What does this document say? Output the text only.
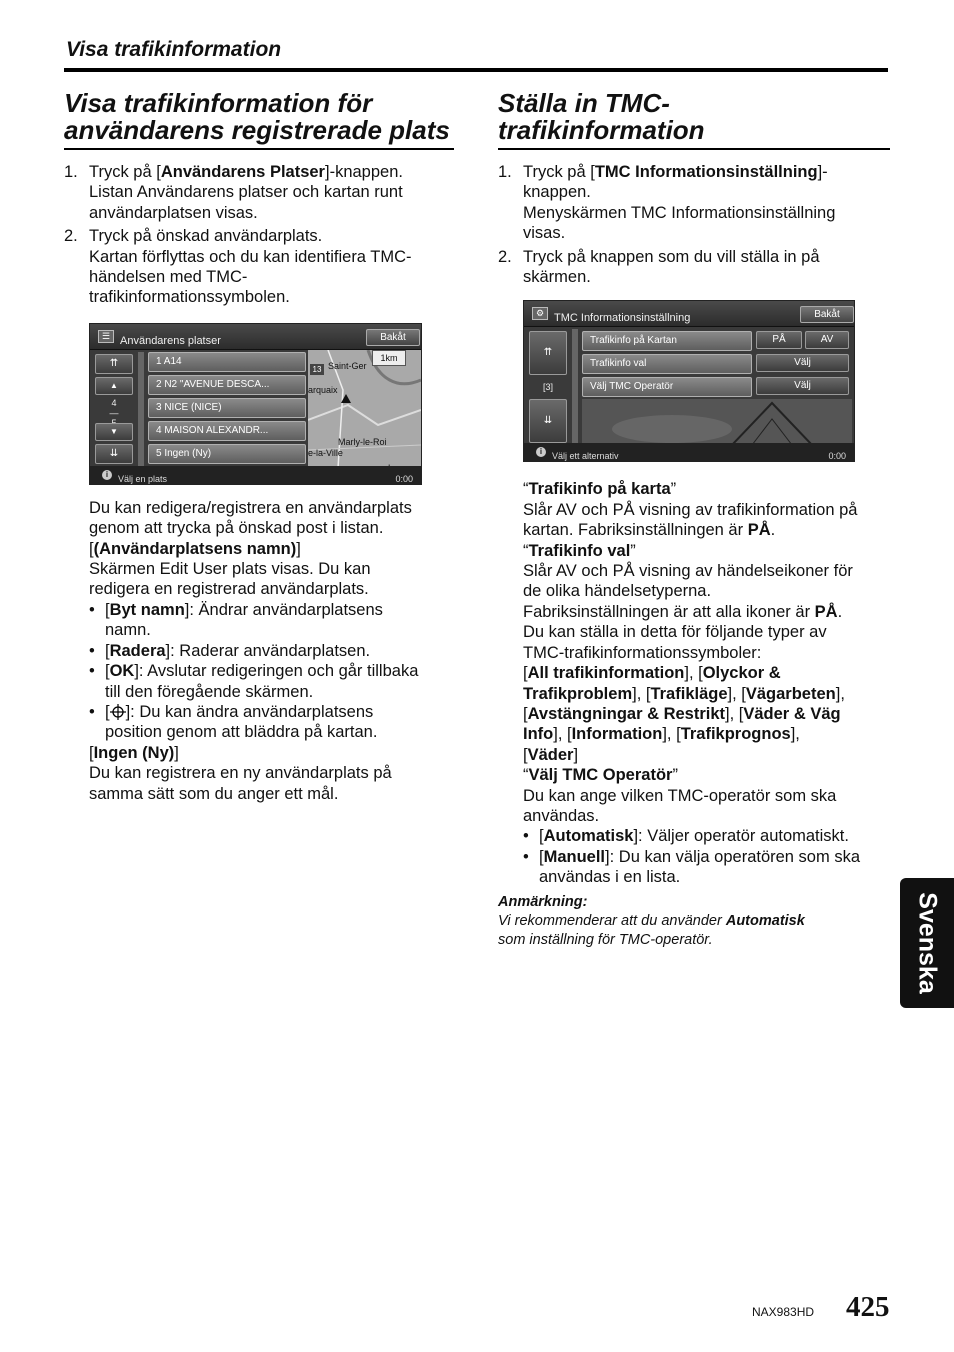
Visa trafikinformation
Visa trafikinformation för användarens registrerade plats
1. Tryck på [Användarens Platser]-knappen.
Listan Användarens platser och kartan runt
användarplatsen visas.
2. Tryck på önskad användarplats.
Kartan förflyttas och du kan identifiera TMC-
händelsen med TMC-
trafikinformationssymbolen.
☰ Användarens platser	Bakåt
⇈
▲
4
—

▼
⇊
1 A14
2 N2 "AVENUE DESCA...
3 NICE (NICE)
4 MAISON ALEXANDR...
5 Ingen (Ny)
Saint-Ger
arquaix
Marly-le-Roi
e-la-Ville
1km
13
i	Välj en plats	0:00
Du kan redigera/registrera en användarplats
genom att trycka på önskad post i listan.
[(Användarplatsens namn)]
Skärmen Edit User plats visas. Du kan
redigera en registrerad användarplats.
• [Byt namn]: Ändrar användarplatsens
namn.
• [Radera]: Raderar användarplatsen.
• [OK]: Avslutar redigeringen och går tillbaka
till den föregående skärmen.
• [ ]: Du kan ändra användarplatsens
position genom att bläddra på kartan.
[Ingen (Ny)]
Du kan registrera en ny användarplats på
samma sätt som du anger ett mål.
Ställa in TMC-
trafikinformation
1. Tryck på [TMC Informationsinställning]-
knappen.
Menyskärmen TMC Informationsinställning
visas.
2. Tryck på knappen som du vill ställa in på
skärmen.
⚙ TMC Informationsinställning	Bakåt
⇈
[3]
⇊
Trafikinfo på Kartan	PÅ	AV
Trafikinfo val	Välj
Välj TMC Operatör	Välj
i	Välj ett alternativ	0:00
“Trafikinfo på karta”
Slår AV och PÅ visning av trafikinformation på
kartan. Fabriksinställningen är PÅ.
“Trafikinfo val”
Slår AV och PÅ visning av händelseikoner för
de olika händelsetyperna.
Fabriksinställningen är att alla ikoner är PÅ.
Du kan ställa in detta för följande typer av
TMC-trafikinformationssymboler:
[All trafikinformation], [Olyckor &
Trafikproblem], [Trafikläge], [Vägarbeten],
[Avstängningar & Restrikt], [Väder & Väg
Info], [Information], [Trafikprognos],
[Väder]
“Välj TMC Operatör”
Du kan ange vilken TMC-operatör som ska
användas.
• [Automatisk]: Väljer operatör automatiskt.
• [Manuell]: Du kan välja operatören som ska
användas i en lista.
Anmärkning:
Vi rekommenderar att du använder Automatisk
som inställning för TMC-operatör.	Svenska
NAX983HD 425
